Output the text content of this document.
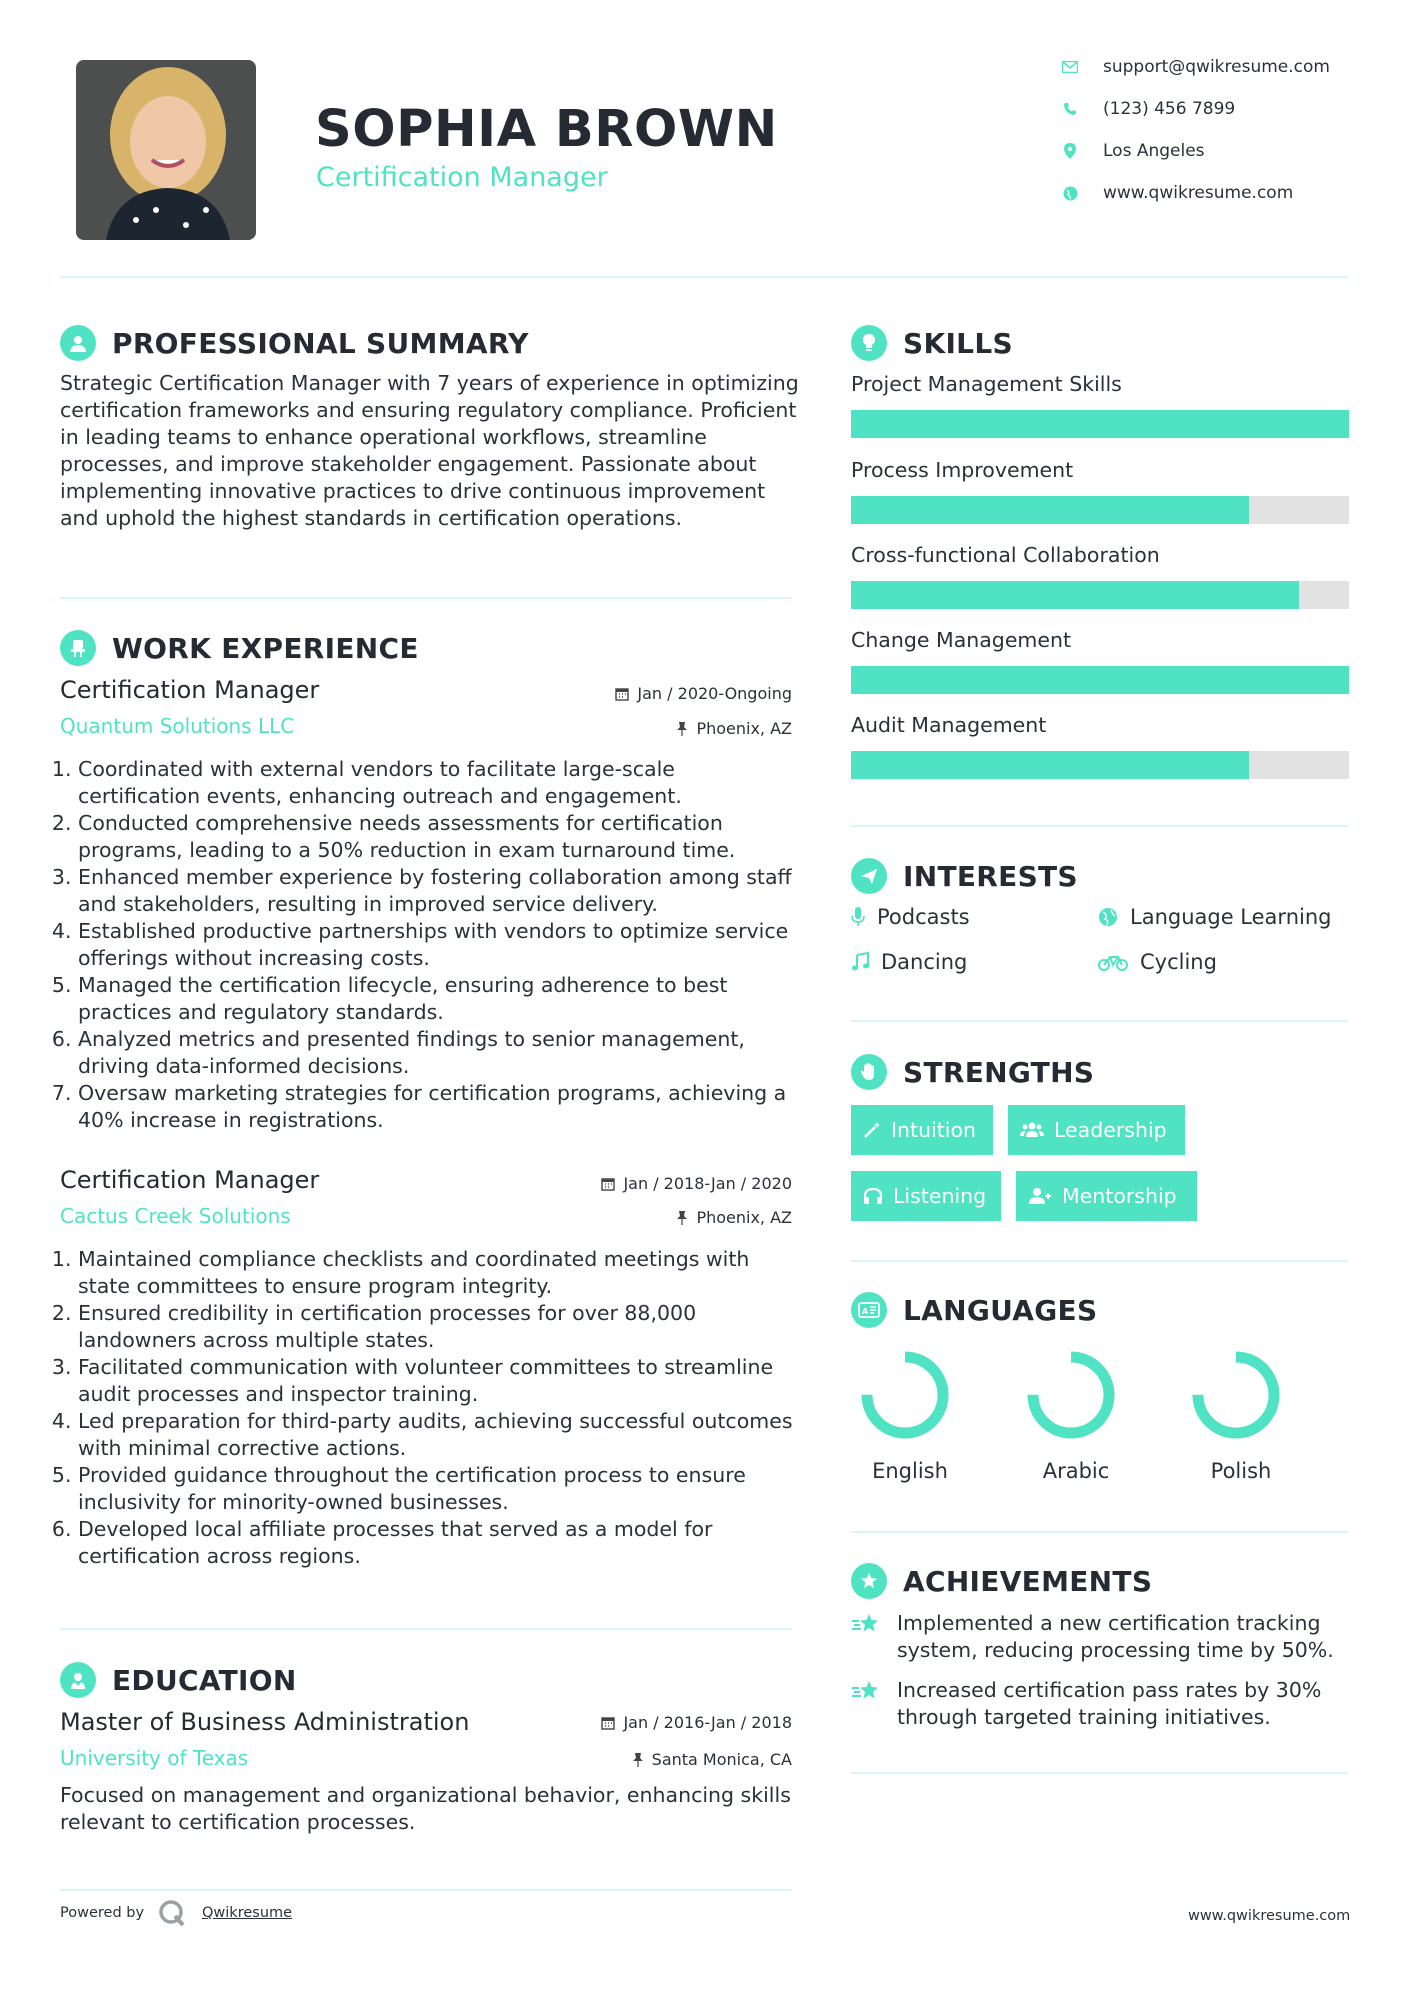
SOPHIA BROWN
Certification Manager
support@qwikresume.com
(123) 456 7899
Los Angeles
www.qwikresume.com
PROFESSIONAL SUMMARY
Strategic Certification Manager with 7 years of experience in optimizing certification frameworks and ensuring regulatory compliance. Proficient in leading teams to enhance operational workflows, streamline processes, and improve stakeholder engagement. Passionate about implementing innovative practices to drive continuous improvement and uphold the highest standards in certification operations.
WORK EXPERIENCE
Certification Manager	Jan / 2020-Ongoing
Quantum Solutions LLC	Phoenix, AZ
1. Coordinated with external vendors to facilitate large-scale certification events, enhancing outreach and engagement.
2. Conducted comprehensive needs assessments for certification programs, leading to a 50% reduction in exam turnaround time.
3. Enhanced member experience by fostering collaboration among staff and stakeholders, resulting in improved service delivery.
4. Established productive partnerships with vendors to optimize service offerings without increasing costs.
5. Managed the certification lifecycle, ensuring adherence to best practices and regulatory standards.
6. Analyzed metrics and presented findings to senior management, driving data-informed decisions.
7. Oversaw marketing strategies for certification programs, achieving a 40% increase in registrations.
Certification Manager	Jan / 2018-Jan / 2020
Cactus Creek Solutions	Phoenix, AZ
1. Maintained compliance checklists and coordinated meetings with state committees to ensure program integrity.
2. Ensured credibility in certification processes for over 88,000 landowners across multiple states.
3. Facilitated communication with volunteer committees to streamline audit processes and inspector training.
4. Led preparation for third-party audits, achieving successful outcomes with minimal corrective actions.
5. Provided guidance throughout the certification process to ensure inclusivity for minority-owned businesses.
6. Developed local affiliate processes that served as a model for certification across regions.
EDUCATION
Master of Business Administration	Jan / 2016-Jan / 2018
University of Texas	Santa Monica, CA
Focused on management and organizational behavior, enhancing skills relevant to certification processes.
SKILLS
Project Management Skills
Process Improvement
Cross-functional Collaboration
Change Management
Audit Management
INTERESTS
Podcasts	Language Learning
Dancing	Cycling
STRENGTHS
Intuition	Leadership
Listening	Mentorship
A LANGUAGES
English	Arabic	Polish
ACHIEVEMENTS
Implemented a new certification tracking system, reducing processing time by 50%.
Increased certification pass rates by 30% through targeted training initiatives.
Powered by	Qwikresume	www.qwikresume.com
